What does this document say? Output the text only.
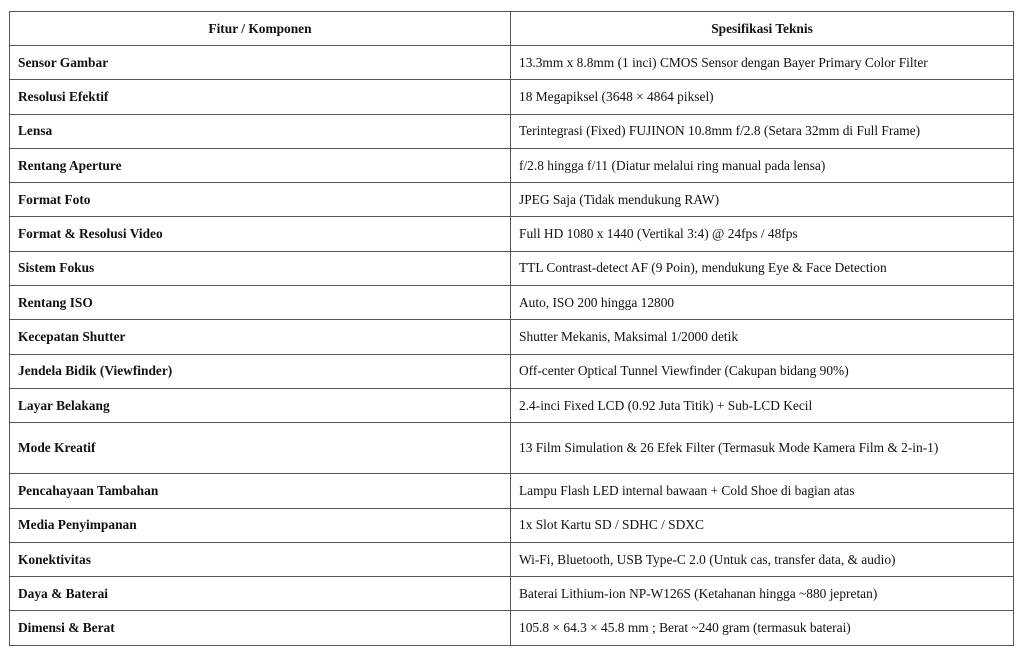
Fitur / Komponen	Spesifikasi Teknis
Sensor Gambar	13.3mm x 8.8mm (1 inci) CMOS Sensor dengan Bayer Primary Color Filter
Resolusi Efektif	18 Megapiksel (3648 × 4864 piksel)
Lensa	Terintegrasi (Fixed) FUJINON 10.8mm f/2.8 (Setara 32mm di Full Frame)
Rentang Aperture	f/2.8 hingga f/11 (Diatur melalui ring manual pada lensa)
Format Foto	JPEG Saja (Tidak mendukung RAW)
Format & Resolusi Video	Full HD 1080 x 1440 (Vertikal 3:4) @ 24fps / 48fps
Sistem Fokus	TTL Contrast-detect AF (9 Poin), mendukung Eye & Face Detection
Rentang ISO	Auto, ISO 200 hingga 12800
Kecepatan Shutter	Shutter Mekanis, Maksimal 1/2000 detik
Jendela Bidik (Viewfinder)	Off-center Optical Tunnel Viewfinder (Cakupan bidang 90%)
Layar Belakang	2.4-inci Fixed LCD (0.92 Juta Titik) + Sub-LCD Kecil
Mode Kreatif	13 Film Simulation & 26 Efek Filter (Termasuk Mode Kamera Film & 2-in-1)
Pencahayaan Tambahan	Lampu Flash LED internal bawaan + Cold Shoe di bagian atas
Media Penyimpanan	1x Slot Kartu SD / SDHC / SDXC
Konektivitas	Wi-Fi, Bluetooth, USB Type-C 2.0 (Untuk cas, transfer data, & audio)
Daya & Baterai	Baterai Lithium-ion NP-W126S (Ketahanan hingga ~880 jepretan)
Dimensi & Berat	105.8 × 64.3 × 45.8 mm ; Berat ~240 gram (termasuk baterai)
